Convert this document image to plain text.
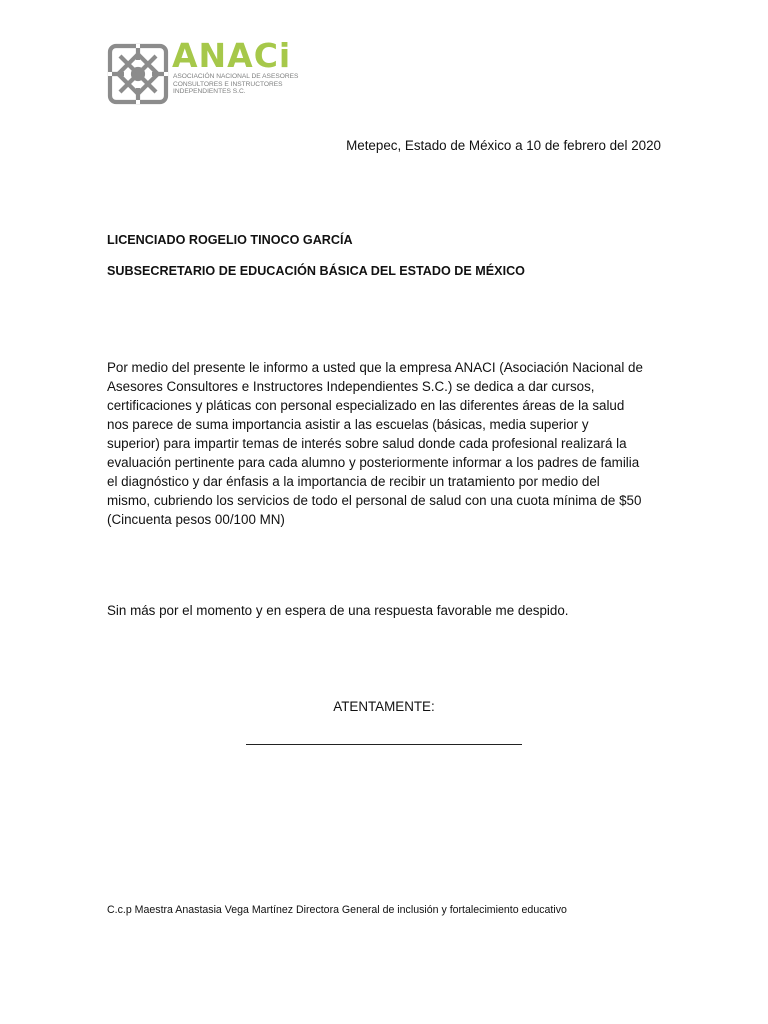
ANACi

ASOCIACIÓN NACIONAL DE ASESORES
CONSULTORES E INSTRUCTORES
INDEPENDIENTES S.C.

Metepec, Estado de México a 10 de febrero del 2020

LICENCIADO ROGELIO TINOCO GARCÍA

SUBSECRETARIO DE EDUCACIÓN BÁSICA DEL ESTADO DE MÉXICO

Por medio del presente le informo a usted que la empresa ANACI (Asociación Nacional de
Asesores Consultores e Instructores Independientes S.C.) se dedica a dar cursos,
certificaciones y pláticas con personal especializado en las diferentes áreas de la salud
nos parece de suma importancia asistir a las escuelas (básicas, media superior y
superior) para impartir temas de interés sobre salud donde cada profesional realizará la
evaluación pertinente para cada alumno y posteriormente informar a los padres de familia
el diagnóstico y dar énfasis a la importancia de recibir un tratamiento por medio del
mismo, cubriendo los servicios de todo el personal de salud con una cuota mínima de $50
(Cincuenta pesos 00/100 MN)

Sin más por el momento y en espera de una respuesta favorable me despido.

ATENTAMENTE:

C.c.p Maestra Anastasia Vega Martínez Directora General de inclusión y fortalecimiento educativo
